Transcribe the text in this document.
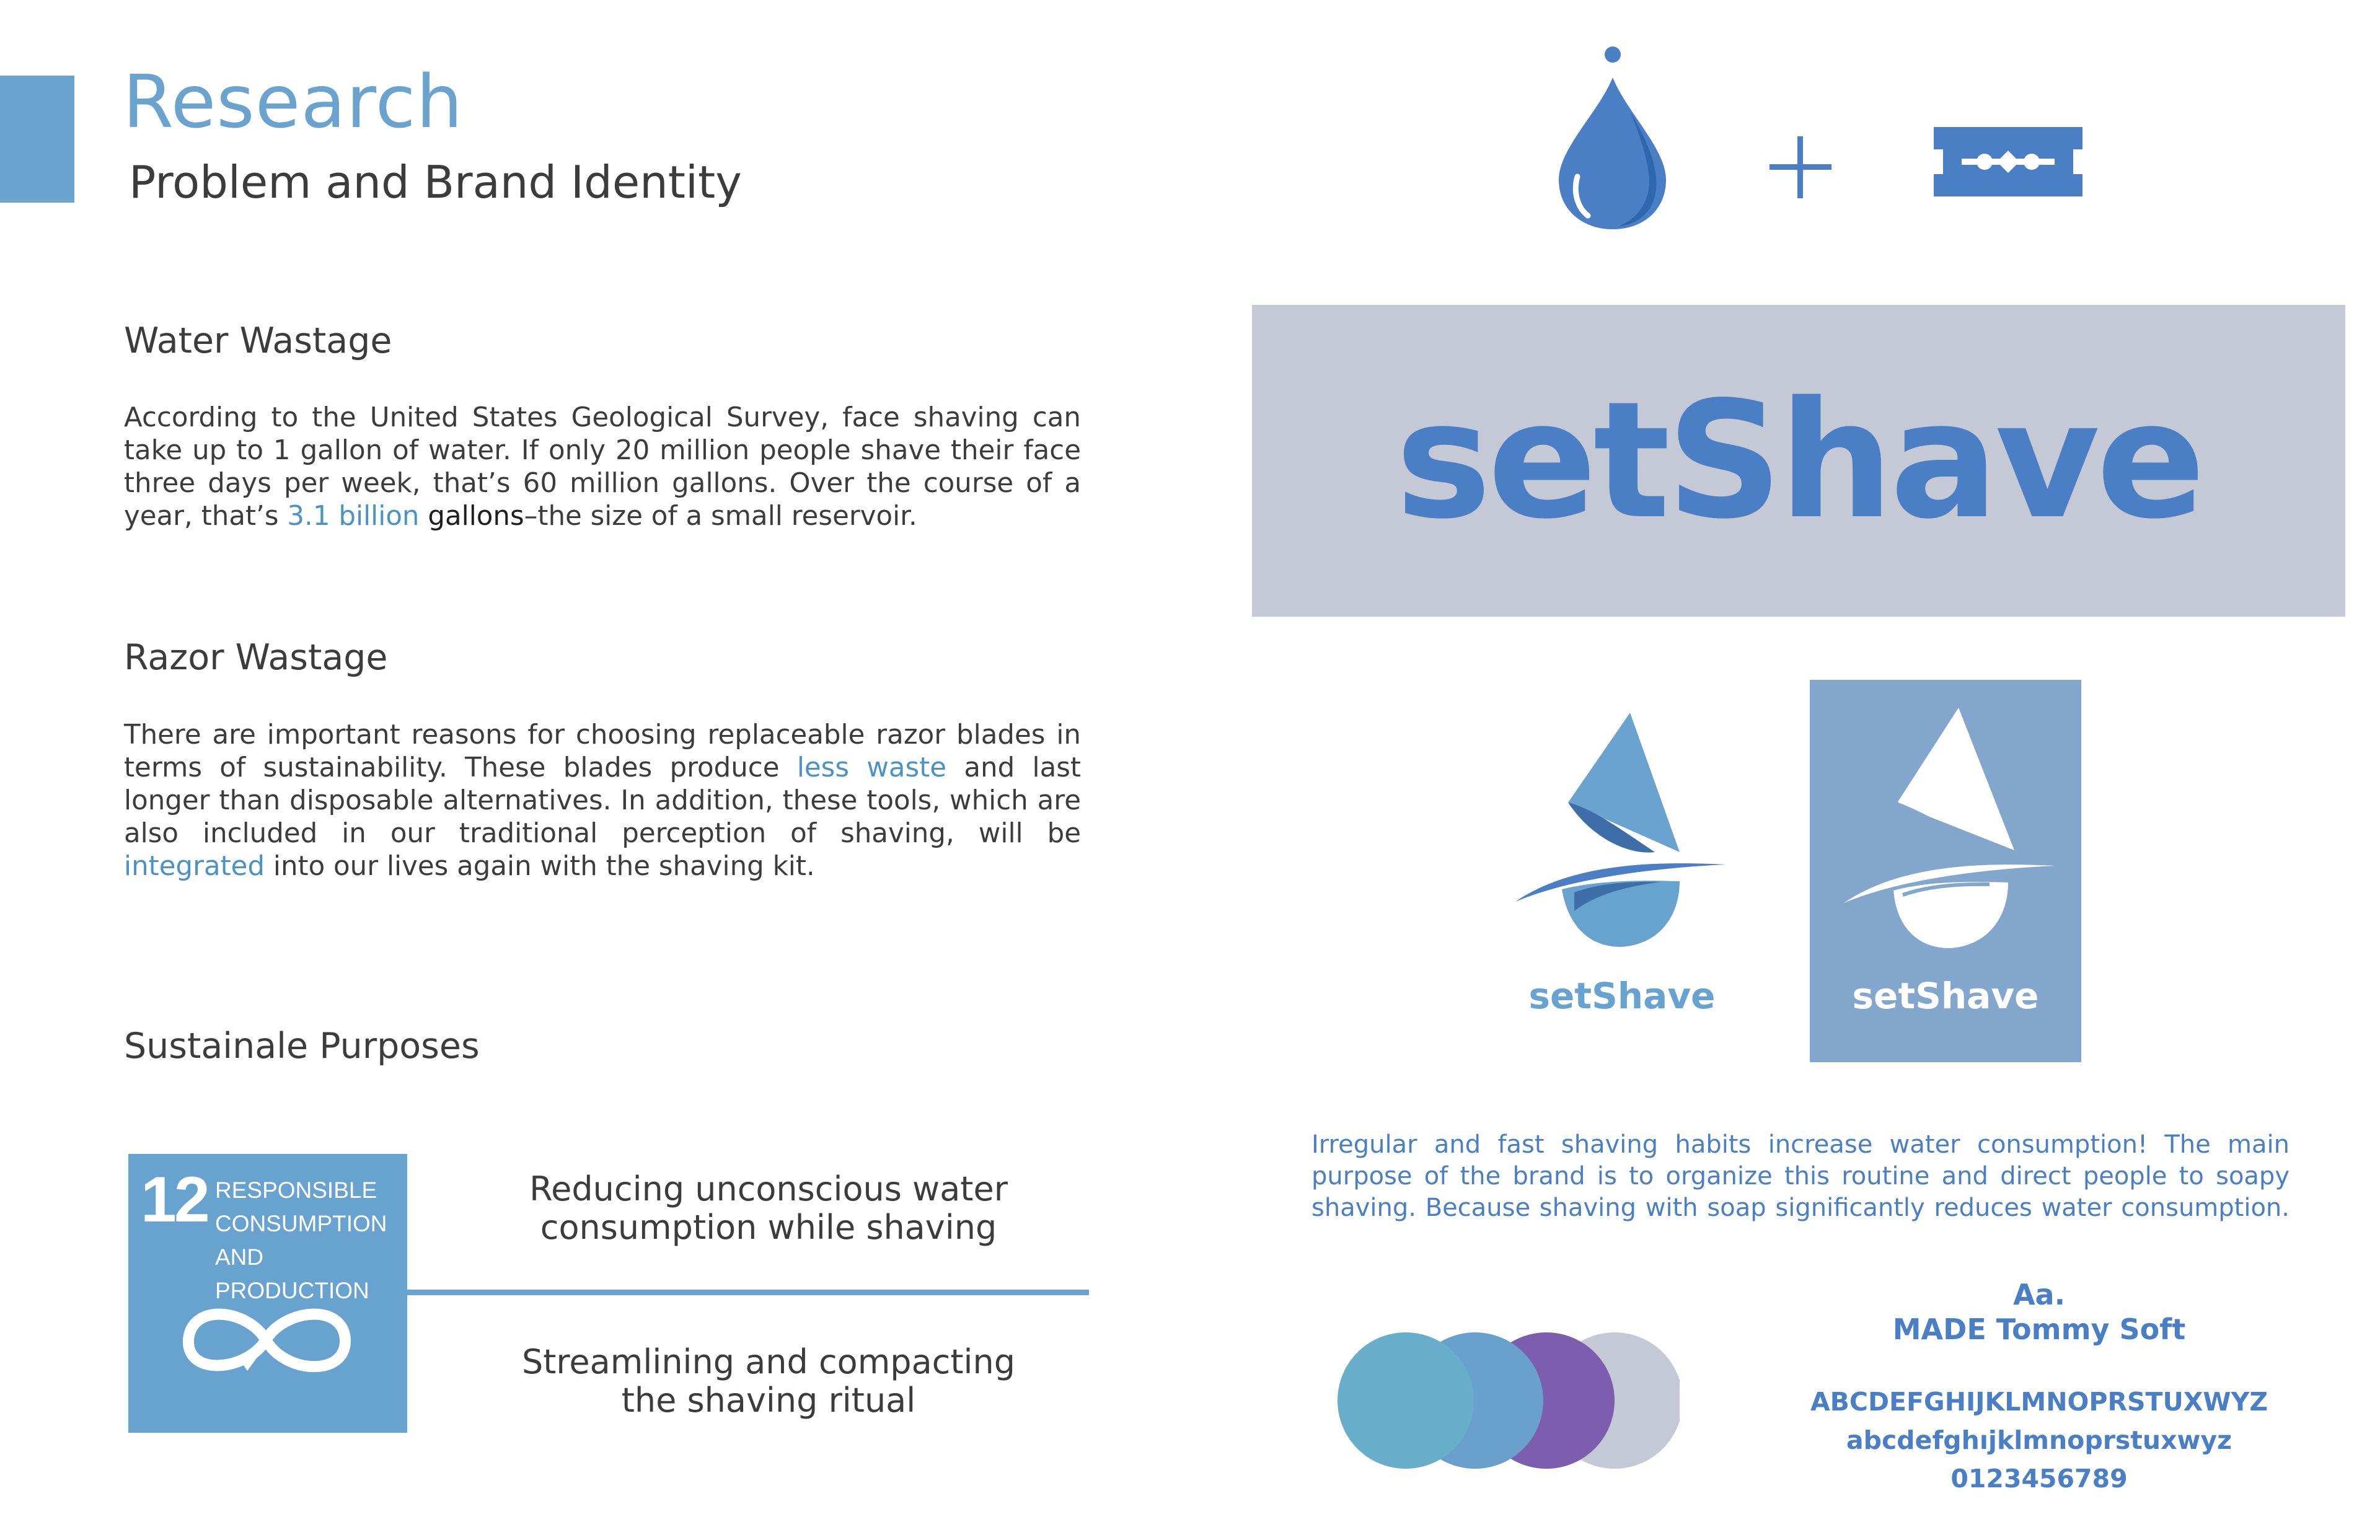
Research
Problem and Brand Identity
Water Wastage
According to the United States Geological Survey, face shaving can take up to 1 gallon of water. If only 20 million people shave their face three days per week, that’s 60 million gallons. Over the course of a year, that’s 3.1 billion gallons–the size of a small reservoir.
Razor Wastage
There are important reasons for choosing replaceable razor blades in terms of sustainability. These blades produce less waste and last longer than disposable alternatives. In addition, these tools, which are also included in our traditional perception of shaving, will be integrated into our lives again with the shaving kit.
Sustainale Purposes
12 RESPONSIBLE
CONSUMPTION
AND PRODUCTION
Reducing unconscious water consumption while shaving
Streamlining and compacting the shaving ritual
setShave
setShave	setShave
Irregular and fast shaving habits increase water consumption! The main purpose of the brand is to organize this routine and direct people to soapy shaving. Because shaving with soap significantly reduces water consumption.
Aa.
MADE Tommy Soft
ABCDEFGHIJKLMNOPRSTUXWYZ
abcdefghıjklmnoprstuxwyz
0123456789
